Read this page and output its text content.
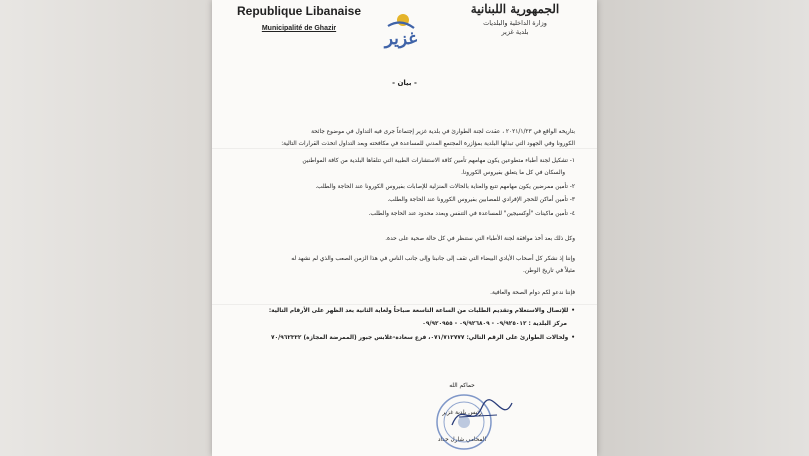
Republique Libanaise
Municipalité de Ghazir
غزير
الجمهورية اللبنانية
وزارة الداخلية والبلديات
بلدية غزير
- بيان -
بتاريخه الواقع في ٢٠٢١/١/٢٣ ، عقدت لجنة الطوارئ في بلدية غزير إجتماعاً جرى فيه التداول في موضوع جائحة
الكورونا وفي الجهود التي تبذلها البلدية بمؤازرة المجتمع المدني للمساعدة في مكافحته وبعد التداول اتخذت القرارات التالية:
١- تشكيل لجنة أطباء متطوعين يكون مهامهم تأمين كافة الاستشارات الطبية التي تتلقاها البلدية من كافة المواطنين
والسكان في كل ما يتعلق بفيروس الكورونا.
٢- تأمين ممرضين يكون مهامهم تتبع والعناية بالحالات المنزلية للإصابات بفيروس الكورونا عند الحاجة والطلب.
٣- تأمين أماكن للحجر الإفرادي للمصابين بفيروس الكورونا عند الحاجة والطلب.
٤- تأمين ماكينات "أوكسيجين" للمساعدة في التنفس وبعدد محدود عند الحاجة والطلب.
وكل ذلك بعد أخذ موافقة لجنة الأطباء التي ستنظر في كل حالة صحية على حدة.
وإننا إذ نشكر كل أصحاب الأيادي البيضاء التي تقف إلى جانبنا وإلى جانب الناس في هذا الزمن الصعب والذي لم نشهد له
مثيلاً في تاريخ الوطن.
فإننا ندعو لكم دوام الصحة والعافية.
• للإتصال والاستعلام وتقديم الطلبات من الساعة التاسعة صباحاً ولغاية الثانية بعد الظهر على الأرقام التالية:
مركز البلدية : ٠٩/٩٢٥٠١٢ - ٠٩/٩٢٦٨٠٩ - ٠٩/٩٢٠٩٥٥
• ولحالات الطوارئ على الرقم التالي: ٠٧١/٧١٢٧٧٧، فرع سعادة-غلابس جبور (الممرضة المجازة) ٧٠/٩٦٢٣٣٢
حماكم الله
رئيس بلدية غزير
المحامي شارل حداد
